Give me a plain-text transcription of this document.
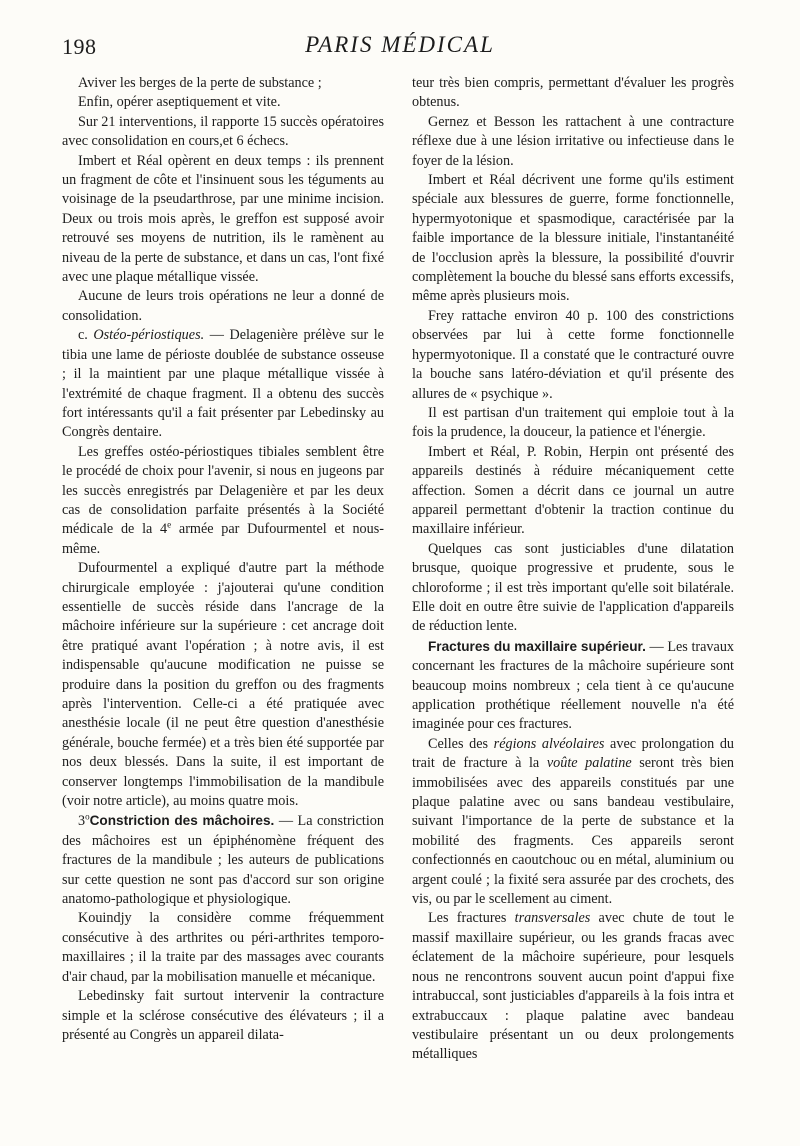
198	PARIS MÉDICAL

Aviver les berges de la perte de substance ;

Enfin, opérer aseptiquement et vite.

Sur 21 interventions, il rapporte 15 succès opératoires avec consolidation en cours,et 6 échecs.

Imbert et Réal opèrent en deux temps : ils prennent un fragment de côte et l'insinuent sous les téguments au voisinage de la pseudarthrose, par une minime incision. Deux ou trois mois après, le greffon est supposé avoir retrouvé ses moyens de nutrition, ils le ramènent au niveau de la perte de substance, et dans un cas, l'ont fixé avec une plaque métallique vissée.

Aucune de leurs trois opérations ne leur a donné de consolidation.

c. Ostéo-périostiques. — Delagenière prélève sur le tibia une lame de périoste doublée de substance osseuse ; il la maintient par une plaque métallique vissée à l'extrémité de chaque fragment. Il a obtenu des succès fort intéressants qu'il a fait présenter par Lebedinsky au Congrès dentaire.

Les greffes ostéo-périostiques tibiales semblent être le procédé de choix pour l'avenir, si nous en jugeons par les succès enregistrés par Delagenière et par les deux cas de consolidation parfaite présentés à la Société médicale de la 4e armée par Dufourmentel et nous-même.

Dufourmentel a expliqué d'autre part la méthode chirurgicale employée : j'ajouterai qu'une condition essentielle de succès réside dans l'ancrage de la mâchoire inférieure sur la supérieure : cet ancrage doit être pratiqué avant l'opération ; à notre avis, il est indispensable qu'aucune modification ne puisse se produire dans la position du greffon ou des fragments après l'intervention. Celle-ci a été pratiquée avec anesthésie locale (il ne peut être question d'anesthésie générale, bouche fermée) et a très bien été supportée par nos deux blessés. Dans la suite, il est important de conserver longtemps l'immobilisation de la mandibule (voir notre article), au moins quatre mois.

3$^o$Constriction des mâchoires. — La constriction des mâchoires est un épiphénomène fréquent des fractures de la mandibule ; les auteurs de publications sur cette question ne sont pas d'accord sur son origine anatomo-pathologique et physiologique.

Kouindjy la considère comme fréquemment consécutive à des arthrites ou péri-arthrites temporo-maxillaires ; il la traite par des massages avec courants d'air chaud, par la mobilisation manuelle et mécanique.

Lebedinsky fait surtout intervenir la contracture simple et la sclérose consécutive des élévateurs ; il a présenté au Congrès un appareil dilata-

teur très bien compris, permettant d'évaluer les progrès obtenus.

Gernez et Besson les rattachent à une contracture réflexe due à une lésion irritative ou infectieuse dans le foyer de la lésion.

Imbert et Réal décrivent une forme qu'ils estiment spéciale aux blessures de guerre, forme fonctionnelle, hypermyotonique et spasmodique, caractérisée par la faible importance de la blessure initiale, l'instantanéité de l'occlusion après la blessure, la possibilité d'ouvrir complètement la bouche du blessé sans efforts excessifs, même après plusieurs mois.

Frey rattache environ 40 p. 100 des constrictions observées par lui à cette forme fonctionnelle hypermyotonique. Il a constaté que le contracturé ouvre la bouche sans latéro-déviation et qu'il présente des allures de « psychique ».

Il est partisan d'un traitement qui emploie tout à la fois la prudence, la douceur, la patience et l'énergie.

Imbert et Réal, P. Robin, Herpin ont présenté des appareils destinés à réduire mécaniquement cette affection. Somen a décrit dans ce journal un autre appareil permettant d'obtenir la traction continue du maxillaire inférieur.

Quelques cas sont justiciables d'une dilatation brusque, quoique progressive et prudente, sous le chloroforme ; il est très important qu'elle soit bilatérale. Elle doit en outre être suivie de l'application d'appareils de réduction lente.

Fractures du maxillaire supérieur. — Les travaux concernant les fractures de la mâchoire supérieure sont beaucoup moins nombreux ; cela tient à ce qu'aucune application prothétique réellement nouvelle n'a été imaginée pour ces fractures.

Celles des régions alvéolaires avec prolongation du trait de fracture à la voûte palatine seront très bien immobilisées avec des appareils constitués par une plaque palatine avec ou sans bandeau vestibulaire, suivant l'importance de la perte de substance et la mobilité des fragments. Ces appareils seront confectionnés en caoutchouc ou en métal, aluminium ou argent coulé ; la fixité sera assurée par des crochets, des vis, ou par le scellement au ciment.

Les fractures transversales avec chute de tout le massif maxillaire supérieur, ou les grands fracas avec éclatement de la mâchoire supérieure, pour lesquels nous ne rencontrons souvent aucun point d'appui fixe intrabuccal, sont justiciables d'appareils à la fois intra et extrabuccaux : plaque palatine avec bandeau vestibulaire présentant un ou deux prolongements métalliques
